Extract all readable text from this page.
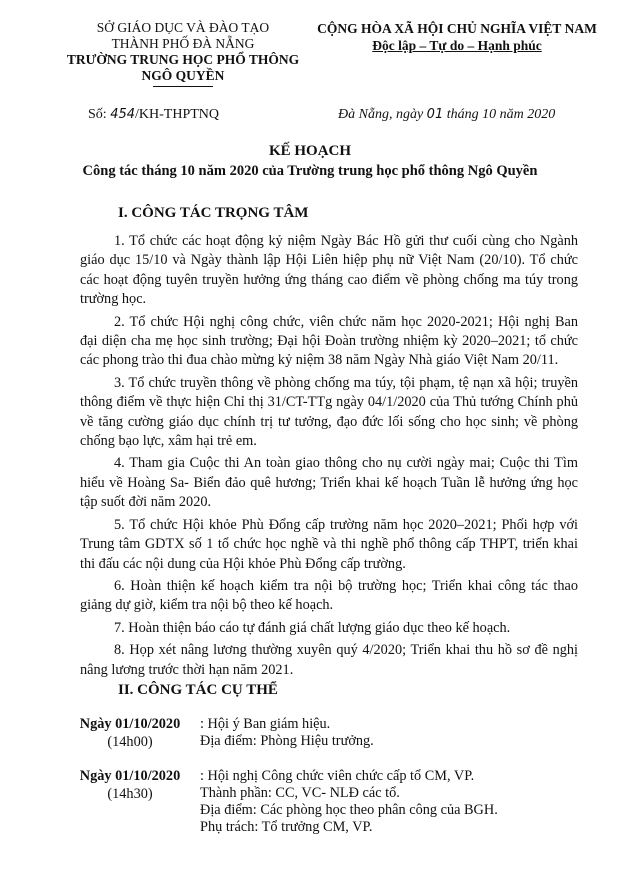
SỞ GIÁO DỤC VÀ ĐÀO TẠO
THÀNH PHỐ ĐÀ NẴNG
TRƯỜNG TRUNG HỌC PHỔ THÔNG
NGÔ QUYỀN
CỘNG HÒA XÃ HỘI CHỦ NGHĨA VIỆT NAM
Độc lập – Tự do – Hạnh phúc
Số: 454/KH-THPTNQ	Đà Nẵng, ngày 01 tháng 10 năm 2020
KẾ HOẠCH
Công tác tháng 10 năm 2020 của Trường trung học phổ thông Ngô Quyền
I. CÔNG TÁC TRỌNG TÂM

1. Tổ chức các hoạt động kỷ niệm Ngày Bác Hồ gửi thư cuối cùng cho Ngành giáo dục 15/10 và Ngày thành lập Hội Liên hiệp phụ nữ Việt Nam (20/10). Tổ chức các hoạt động tuyên truyền hưởng ứng tháng cao điểm về phòng chống ma túy trong trường học.

2. Tổ chức Hội nghị công chức, viên chức năm học 2020-2021; Hội nghị Ban đại diện cha mẹ học sinh trường; Đại hội Đoàn trường nhiệm kỳ 2020–2021; tổ chức các phong trào thi đua chào mừng kỷ niệm 38 năm Ngày Nhà giáo Việt Nam 20/11.

3. Tổ chức truyền thông về phòng chống ma túy, tội phạm, tệ nạn xã hội; truyền thông điểm về thực hiện Chỉ thị 31/CT-TTg ngày 04/1/2020 của Thủ tướng Chính phủ về tăng cường giáo dục chính trị tư tưởng, đạo đức lối sống cho học sinh; về phòng chống bạo lực, xâm hại trẻ em.

4. Tham gia Cuộc thi An toàn giao thông cho nụ cười ngày mai; Cuộc thi Tìm hiểu về Hoàng Sa- Biển đảo quê hương; Triển khai kế hoạch Tuần lễ hưởng ứng học tập suốt đời năm 2020.

5. Tổ chức Hội khỏe Phù Đổng cấp trường năm học 2020–2021; Phối hợp với Trung tâm GDTX số 1 tổ chức học nghề và thi nghề phổ thông cấp THPT, triển khai thi đấu các nội dung của Hội khỏe Phù Đổng cấp trường.

6. Hoàn thiện kế hoạch kiểm tra nội bộ trường học; Triển khai công tác thao giảng dự giờ, kiểm tra nội bộ theo kế hoạch.

7. Hoàn thiện báo cáo tự đánh giá chất lượng giáo dục theo kế hoạch.

8. Họp xét nâng lương thường xuyên quý 4/2020; Triển khai thu hồ sơ đề nghị nâng lương trước thời hạn năm 2021.

II. CÔNG TÁC CỤ THỂ
Ngày 01/10/2020
(14h00)
: Hội ý Ban giám hiệu.
Địa điểm: Phòng Hiệu trưởng.
Ngày 01/10/2020
(14h30)
: Hội nghị Công chức viên chức cấp tổ CM, VP.
Thành phần: CC, VC- NLĐ các tổ.
Địa điểm: Các phòng học theo phân công của BGH.
Phụ trách: Tổ trưởng CM, VP.
